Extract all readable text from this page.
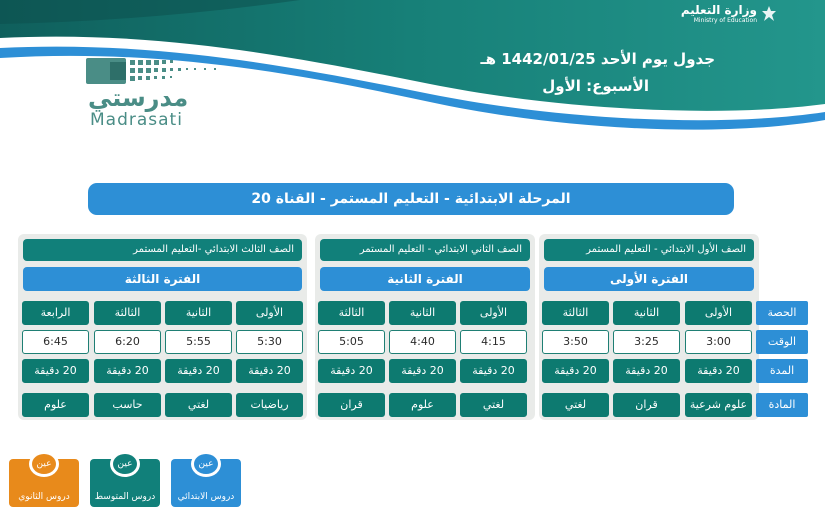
وزارة التعليم
Ministry of Education
جدول يوم الأحد 1442/01/25 هـ
الأسبوع: الأول
مدرستي
Madrasati
المرحلة الابتدائية - التعليم المستمر - القناة 20
الصف الأول الابتدائي - التعليم المستمر
الفترة الأولى
الصف الثاني الابتدائي - التعليم المستمر
الفترة الثانية
الصف الثالث الابتدائي -التعليم المستمر
الفترة الثالثة
الحصة
الوقت
المدة
المادة
الأولى
الثانية
الثالثة
3:00
3:25
3:50
20 دقيقة
20 دقيقة
20 دقيقة
علوم شرعية
قران
لغتي
الأولى
الثانية
الثالثة
4:15
4:40
5:05
20 دقيقة
20 دقيقة
20 دقيقة
لغتي
علوم
قران
الأولى
الثانية
الثالثة
الرابعة
5:30
5:55
6:20
6:45
20 دقيقة
20 دقيقة
20 دقيقة
20 دقيقة
رياضيات
لغتي
حاسب
علوم
عين
دروس الابتدائي
عين
دروس المتوسط
عين
دروس الثانوي
